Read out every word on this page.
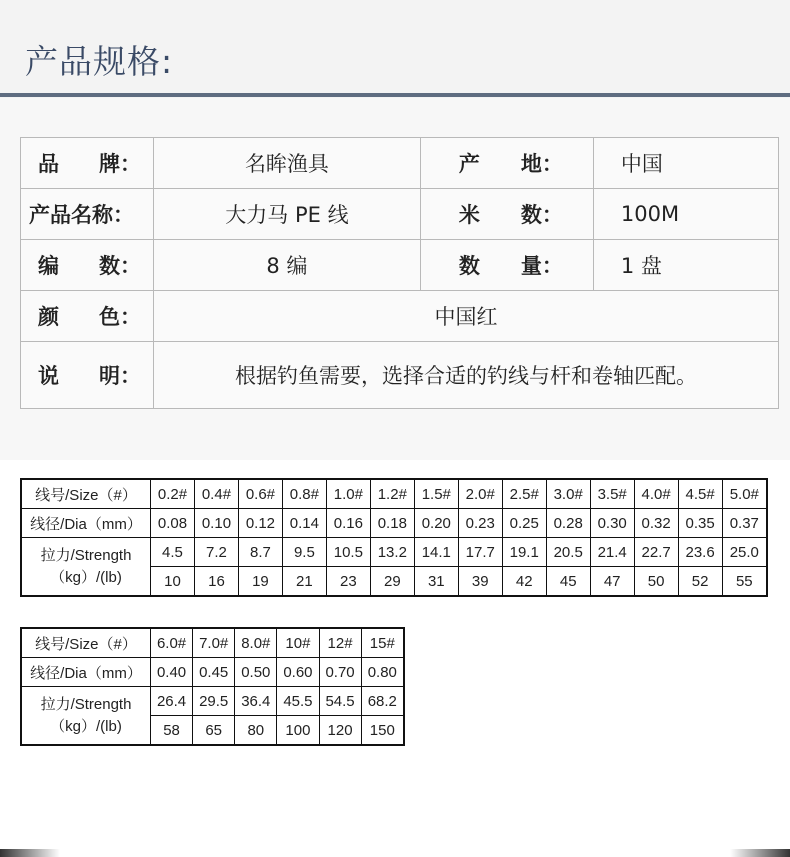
产品规格:
品 牌：	名眸渔具	产 地：	中国

产品名称：	大力马 PE 线	米 数：	100M

编 数：	8 编	数 量：	1 盘

颜 色：	中国红		

说 明：	根据钓鱼需要，选择合适的钓线与杆和卷轴匹配。		
线号/Size（#）	0.2#	0.4#	0.6#	0.8#	1.0#	1.2#	1.5#	2.0#	2.5#	3.0#	3.5#	4.0#	4.5#	5.0#
线径/Dia（mm）	0.08	0.10	0.12	0.14	0.16	0.18	0.20	0.23	0.25	0.28	0.30	0.32	0.35	0.37

拉力/Strength
（kg）/(lb)	4.5	7.2	8.7	9.5	10.5	13.2	14.1	17.7	19.1	20.5	21.4	22.7	23.6	25.0
	10	16	19	21	23	29	31	39	42	45	47	50	52	55
线号/Size（#）	6.0#	7.0#	8.0#	10#	12#	15#
线径/Dia（mm）	0.40	0.45	0.50	0.60	0.70	0.80

拉力/Strength
（kg）/(lb)	26.4	29.5	36.4	45.5	54.5	68.2
	58	65	80	100	120	150
